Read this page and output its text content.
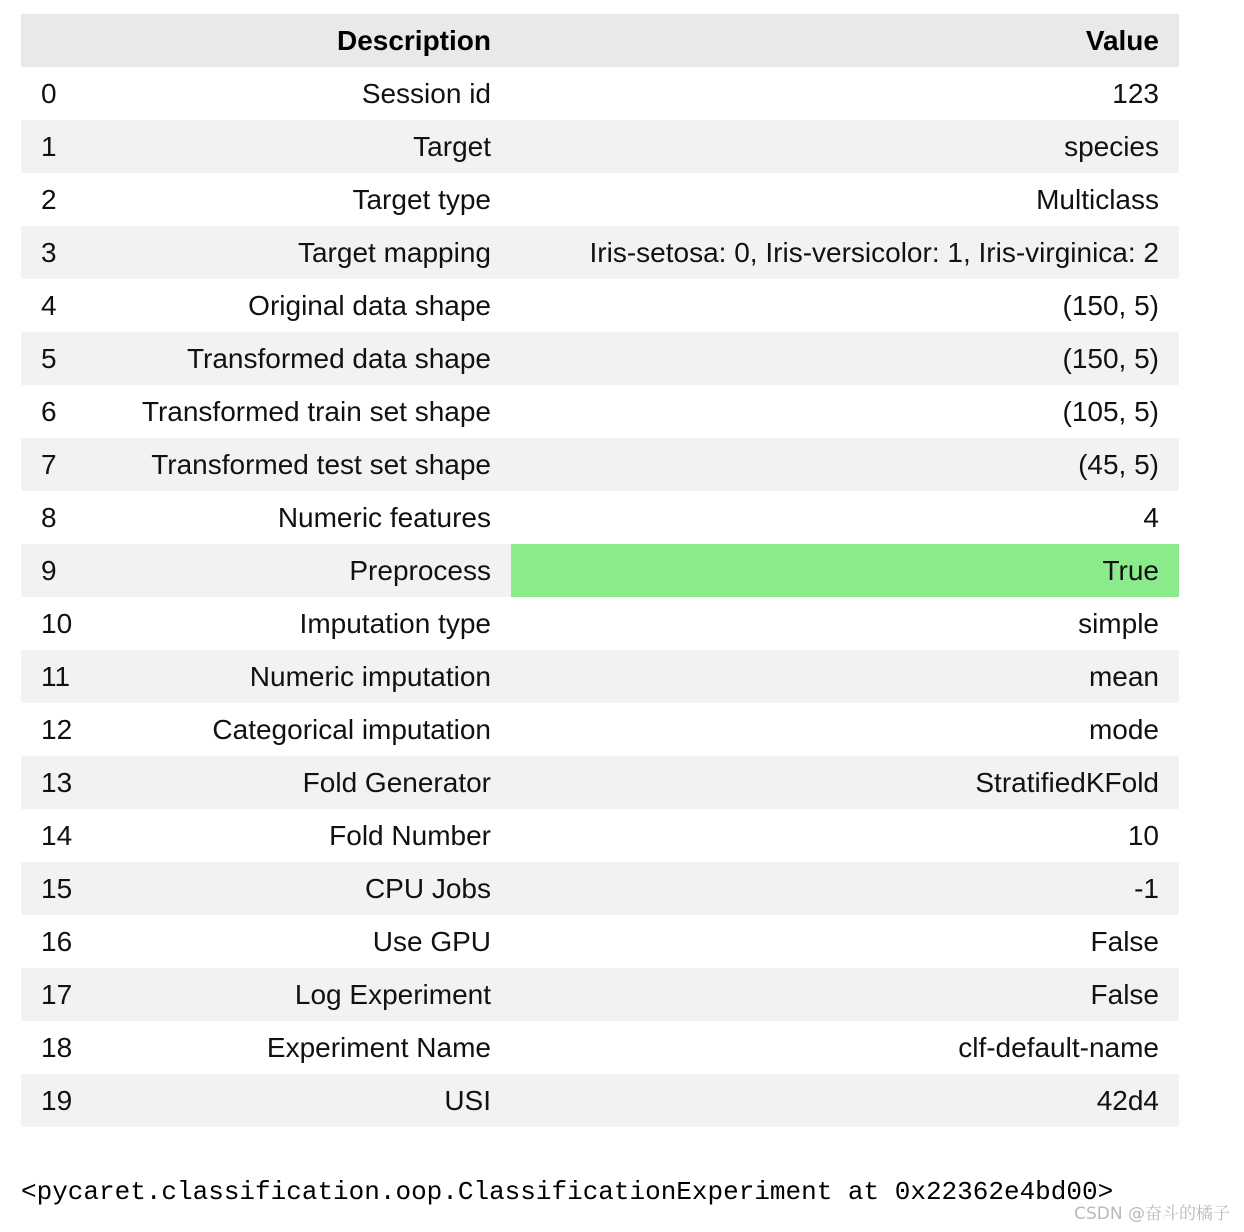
	Description	Value
0	Session id	123
1	Target	species
2	Target type	Multiclass
3	Target mapping	Iris-setosa: 0, Iris-versicolor: 1, Iris-virginica: 2
4	Original data shape	(150, 5)
5	Transformed data shape	(150, 5)
6	Transformed train set shape	(105, 5)
7	Transformed test set shape	(45, 5)
8	Numeric features	4
9	Preprocess	True
10	Imputation type	simple
11	Numeric imputation	mean
12	Categorical imputation	mode
13	Fold Generator	StratifiedKFold
14	Fold Number	10
15	CPU Jobs	-1
16	Use GPU	False
17	Log Experiment	False
18	Experiment Name	clf-default-name
19	USI	42d4
<pycaret.classification.oop.ClassificationExperiment at 0x22362e4bd00>
CSDN @奋斗的橘子
